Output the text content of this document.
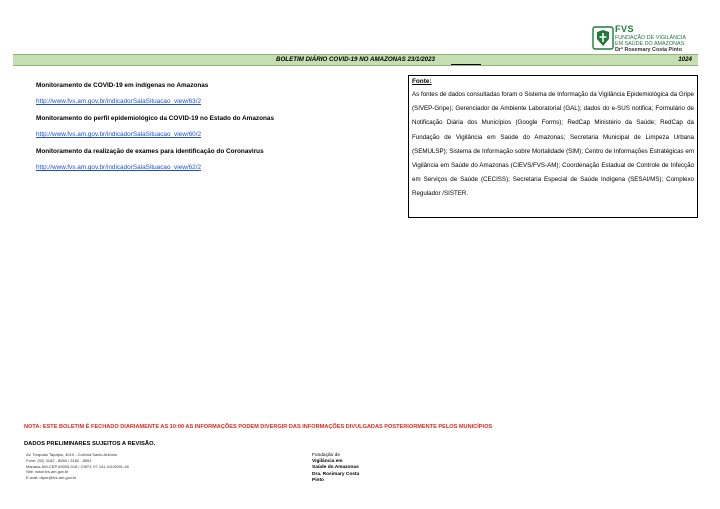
FVS
FUNDAÇÃO DE VIGILÂNCIA
EM SAÚDE DO AMAZONAS
Drª Rosemary Costa Pinto
BOLETIM DIÁRIO COVID-19 NO AMAZONAS 23/1/2023	1024
Monitoramento de COVID-19 em indígenas no Amazonas
http://www.fvs.am.gov.br/indicadorSalaSituacao_view/63/2
Monitoramento do perfil epidemiológico da COVID-19 no Estado do Amazonas
http://www.fvs.am.gov.br/indicadorSalaSituacao_view/60/2
Monitoramento da realização de exames para identificação do Coronavirus
http://www.fvs.am.gov.br/indicadorSalaSituacao_view/62/2
Fonte:
As fontes de dados consultadas foram o Sistema de Informação da Vigilância Epidemiológica da Gripe (SIVEP-Gripe); Gerenciador de Ambiente Laboratorial (GAL); dados do e-SUS notifica; Formulário de Notificação Diária dos Municípios (Google Forms); RedCap Ministério da Saúde; RedCap da Fundação de Vigilância em Saúde do Amazonas; Secretaria Municipal de Limpeza Urbana (SEMULSP); Sistema de Informação sobre Mortalidade (SIM); Centro de Informações Estratégicas em Vigilância em Saúde do Amazonas (CIEVS/FVS-AM); Coordenação Estadual de Controle de Infecção em Serviços de Saúde (CECISS); Secretaria Especial de Saúde Indígena (SESAI/MS); Complexo Regulador /SISTER.
NOTA: ESTE BOLETIM É FECHADO DIARIAMENTE AS 10:00 AS INFORMAÇÕES PODEM DIVERGIR DAS INFORMAÇÕES DIVULGADAS POSTERIORMENTE PELOS MUNICÍPIOS
DADOS PRELIMINARES SUJEITOS A REVISÃO.
Av. Torquato Tapajós, 4010 - Colônia Santo Antônio
Fone: (92) 3182 - 8550 / 3182 - 8551
Manaus-AM-CEP 69093-018 / CNPJ: 07.141.411/0001-46
Site: www.fvs.am.gov.br
E-mail: dipre@fvs.am.gov.br
Fundação de
Vigilância em
Saúde do Amazonas
Dra. Rosimary Costa
Pinto
